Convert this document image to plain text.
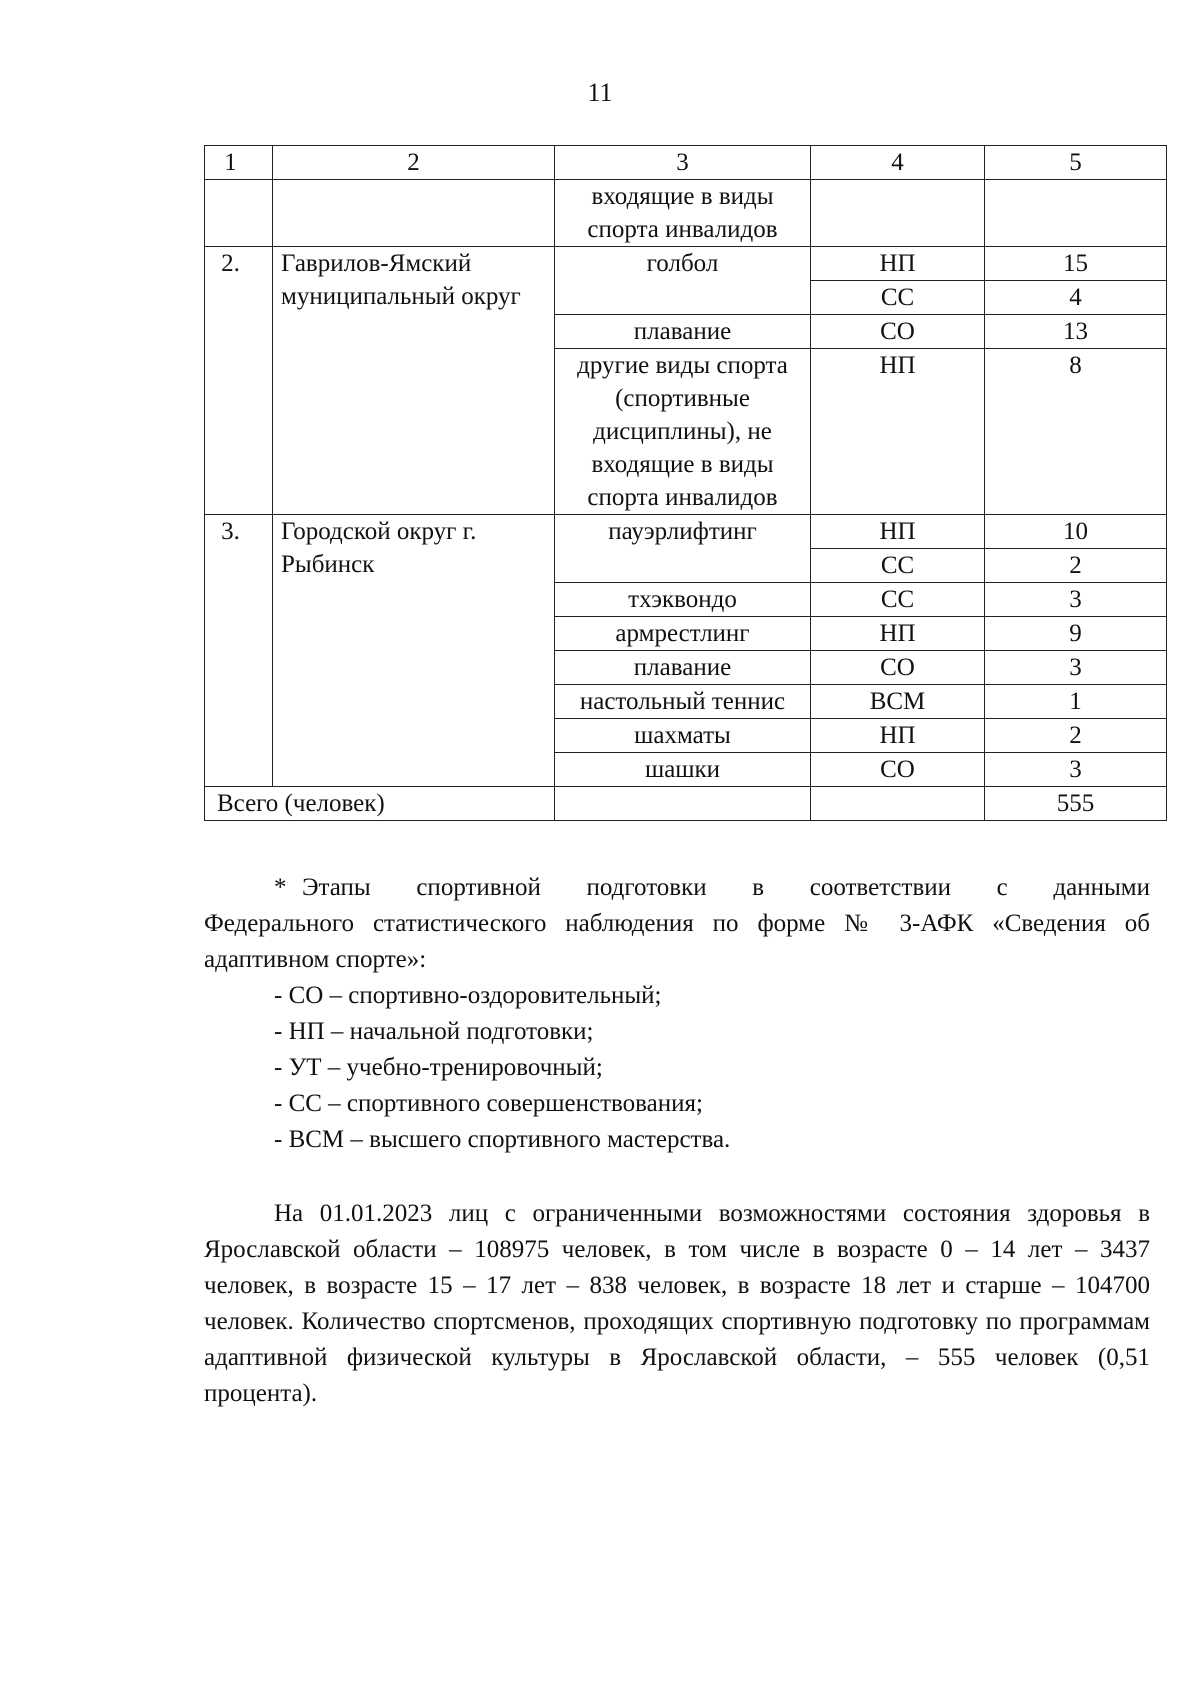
11
1	2	3	4	5
		входящие в виды
спорта инвалидов		
2.	Гаврилов-Ямский муниципальный округ	голбол	НП	15
			СС	4
		плавание	СО	13
		другие виды спорта (спортивные дисциплины), не входящие в виды спорта инвалидов	НП	8
3.	Городской округ г. Рыбинск	пауэрлифтинг	НП	10
			СС	2
		тхэквондо	СС	3
		армрестлинг	НП	9
		плавание	СО	3
		настольный теннис	ВСМ	1
		шахматы	НП	2
		шашки	СО	3
Всего (человек)				555

* Этапы спортивной подготовки в соответствии с данными

Федерального статистического наблюдения по форме № 3-АФК «Сведения об адаптивном спорте»:

- СО – спортивно-оздоровительный;

- НП – начальной подготовки;

- УТ – учебно-тренировочный;

- СС – спортивного совершенствования;

- ВСМ – высшего спортивного мастерства.

На 01.01.2023 лиц с ограниченными возможностями состояния здоровья в Ярославской области – 108975 человек, в том числе в возрасте 0 – 14 лет – 3437 человек, в возрасте 15 – 17 лет – 838 человек, в возрасте 18 лет и старше – 104700 человек. Количество спортсменов, проходящих спортивную подготовку по программам адаптивной физической культуры в Ярославской области, – 555 человек (0,51 процента).
